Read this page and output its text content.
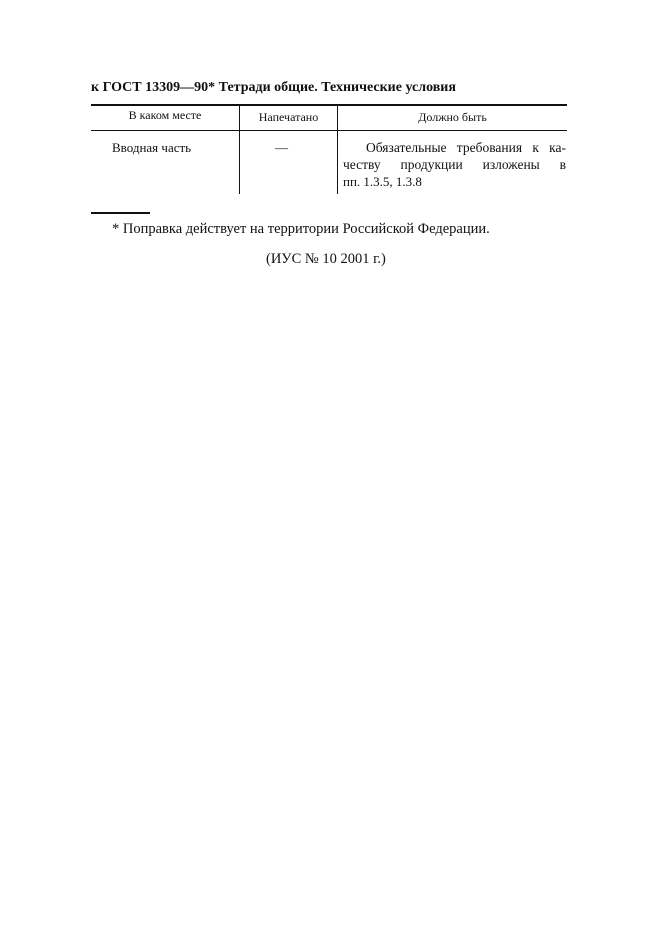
к ГОСТ 13309—90* Тетради общие. Технические условия
В каком месте	Напечатано	Должно быть
Вводная часть	—	Обязательные требования к ка-
честву продукции изложены в
пп. 1.3.5, 1.3.8
* Поправка действует на территории Российской Федерации.
(ИУС № 10 2001 г.)
